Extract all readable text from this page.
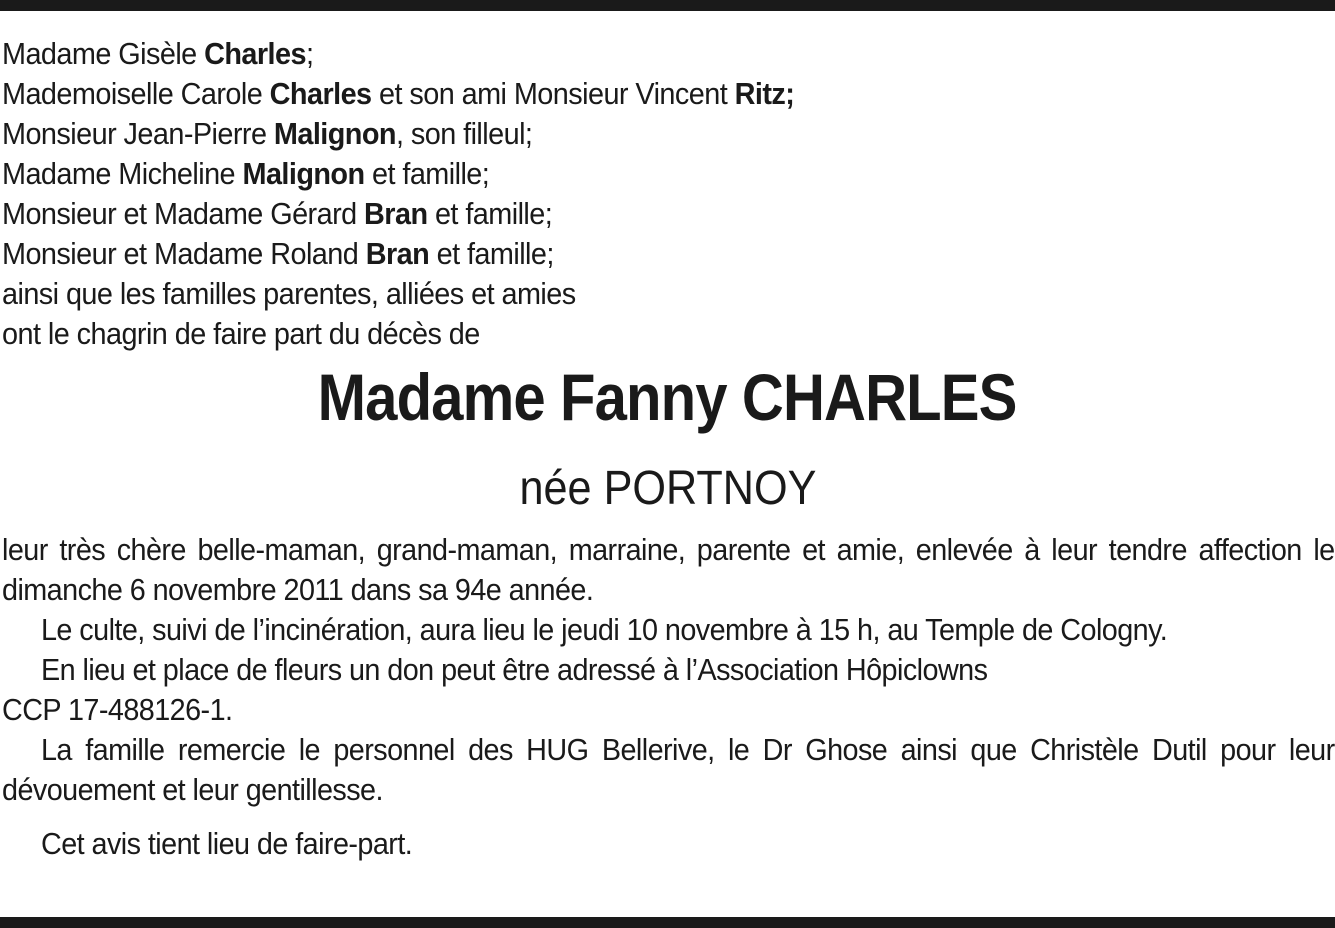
Madame Gisèle Charles;
Mademoiselle Carole Charles et son ami Monsieur Vincent Ritz;
Monsieur Jean-Pierre Malignon, son filleul;
Madame Micheline Malignon et famille;
Monsieur et Madame Gérard Bran et famille;
Monsieur et Madame Roland Bran et famille;
ainsi que les familles parentes, alliées et amies
ont le chagrin de faire part du décès de
Madame Fanny CHARLES
née PORTNOY

leur très chère belle-maman, grand-maman, marraine, parente et amie, enlevée à leur tendre affection le dimanche 6 novembre 2011 dans sa 94e année.

Le culte, suivi de l’incinération, aura lieu le jeudi 10 novembre à 15 h, au Temple de Cologny.

En lieu et place de fleurs un don peut être adressé à l’Association Hôpiclowns

CCP 17-488126-1.

La famille remercie le personnel des HUG Bellerive, le Dr Ghose ainsi que Christèle Dutil pour leur dévouement et leur gentillesse.

Cet avis tient lieu de faire-part.
